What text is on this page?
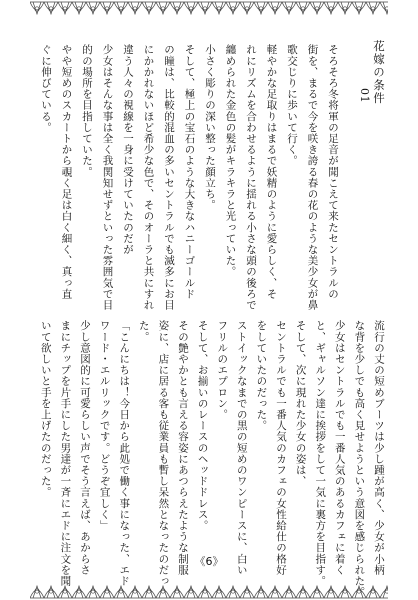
花嫁の条件
01
そろそろ冬将軍の足音が聞こえて来たセントラルの
街を、まるで今を咲き誇る春の花のような美少女が鼻
歌交じりに歩いて行く。
軽やかな足取りはまるで妖精のように愛らしく、そ
れにリズムを合わせるように揺れる小さな頭の後ろで
纏められた金色の髪がキラキラと光っていた。
小さく彫りの深い整った顔立ち。
そして、極上の宝石のような大きなハニーゴールド
の瞳は、比較的混血の多いセントラルでも滅多にお目
にかかれないほど希少な色で、そのオーラと共にすれ
違う人々の視線を一身に受けていたのだが
少女はそんな事は全く我関知せずといった雰囲気で目
的の場所を目指していた。
やや短めのスカートから覗く足は白く細く、真っ直
ぐに伸びている。
流行の丈の短めブーツは少し踵が高く、少女が小柄
な背を少しでも高く見せようという意図を感じられた。
少女はセントラルでも一番人気のあるカフェに着く
と、ギャルソン達に挨拶をして一気に裏方を目指す。
そして、次に現れた少女の姿は、
セントラルでも一番人気のカフェの女性給仕の格好
をしていたのだった。
ストイックなまでの黒の短めのワンピースに、白い
フリルのエプロン。
そして、お揃いのレースのヘッドドレス。
その艶やかとも言える容姿にあつらえたような制服
姿に、店に居る客も従業員も暫し呆然となったのだっ
た。
「こんにちは！今日から此処で働く事になった、エド
ワード・エルリックです。どうぞ宜しく」
少し意図的に可愛らしい声でそう言えば、あからさ
まにチップを片手にした男達が一斉にエドに注文を聞
いて欲しいと手を上げたのだった。
《6》
